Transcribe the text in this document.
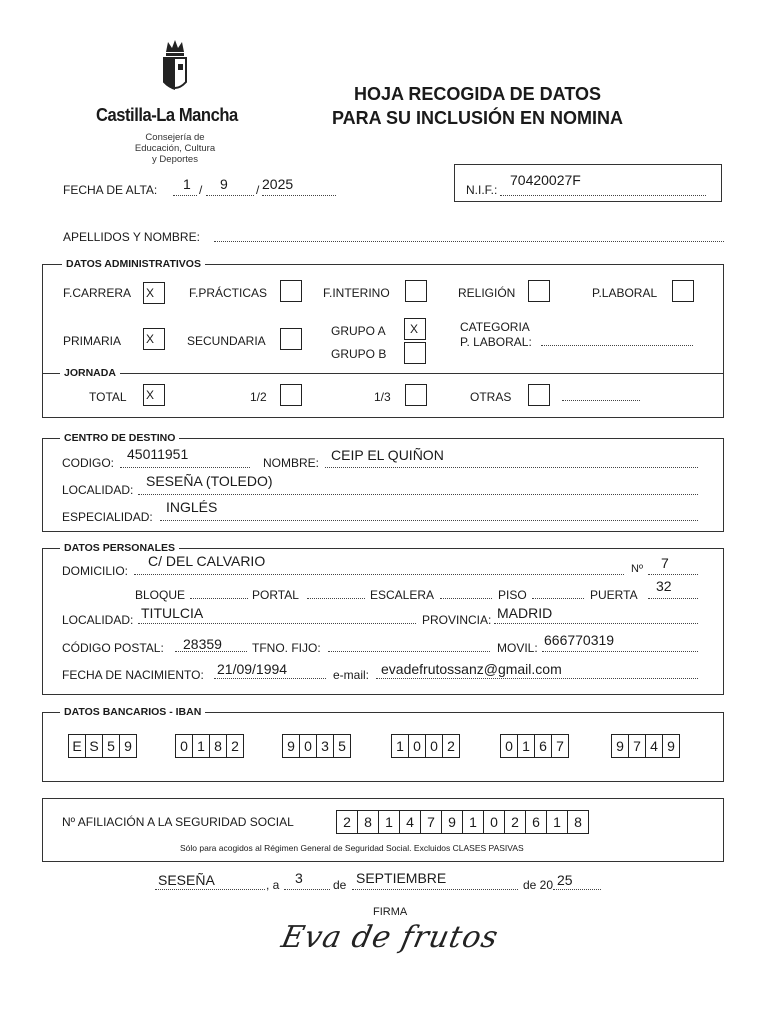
Castilla-La Mancha
Consejería de
Educación, Cultura
y Deportes
HOJA RECOGIDA DE DATOS
PARA SU INCLUSIÓN EN NOMINA
FECHA DE ALTA: 1 / 9 / 2025	N.I.F.:
70420027F
APELLIDOS Y NOMBRE:
DATOS ADMINISTRATIVOS
F.CARRERA X	F.PRÁCTICAS	F.INTERINO	RELIGIÓN	P.LABORAL
PRIMARIA X	SECUNDARIA
GRUPO A	X
GRUPO B
CATEGORIA
P. LABORAL:
JORNADA
TOTAL X	1/2	1/3	OTRAS
CENTRO DE DESTINO
CODIGO:
45011951
NOMBRE: CEIP EL QUIÑON
LOCALIDAD:
SESEÑA (TOLEDO)
ESPECIALIDAD:
INGLÉS
DATOS PERSONALES
DOMICILIO:
C/ DEL CALVARIO	Nº 7
BLOQUE	PORTAL	ESCALERA	PISO	PUERTA
32
LOCALIDAD: TITULCIA	PROVINCIA: MADRID
CÓDIGO POSTAL: 28359	TFNO. FIJO:	MOVIL: 666770319
FECHA DE NACIMIENTO: 21/09/1994	e-mail: evadefrutossanz@gmail.com
DATOS BANCARIOS - IBAN
E S 5 9	0 1 8 2	9 0 3 5	1 0 0 2	0 1 6 7	9 7 4 9
Nº AFILIACIÓN A LA SEGURIDAD SOCIAL	2 8 1 4 7 9 1 0 2 6 1 8
Sólo para acogidos al Régimen General de Seguridad Social. Excluidos CLASES PASIVAS
SESEÑA	, a 3	de SEPTIEMBRE	de 20 25
FIRMA
Eva de frutos
